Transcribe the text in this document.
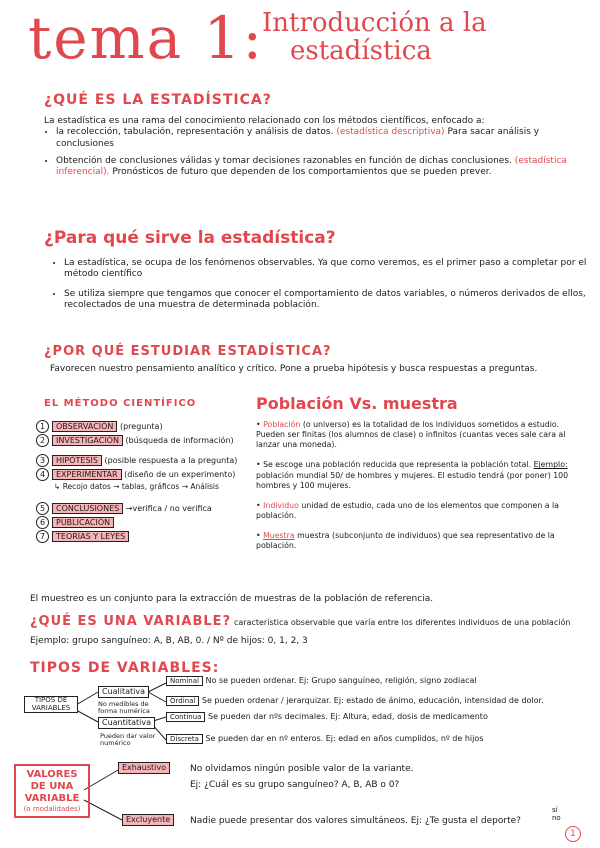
tema 1:
Introducción a la
estadística
¿QUÉ ES LA ESTADÍSTICA?
La estadística es una rama del conocimiento relacionado con los métodos científicos, enfocado a:
• la recolección, tabulación, representación y análisis de datos. (estadística descriptiva) Para sacar análisis y conclusiones
• Obtención de conclusiones válidas y tomar decisiones razonables en función de dichas conclusiones. (estadística inferencial). Pronósticos de futuro que dependen de los comportamientos que se pueden prever.
¿Para qué sirve la estadística?
• La estadística, se ocupa de los fenómenos observables. Ya que como veremos, es el primer paso a completar por el método científico
• Se utiliza siempre que tengamos que conocer el comportamiento de datos variables, o números derivados de ellos, recolectados de una muestra de determinada población.
¿POR QUÉ ESTUDIAR ESTADÍSTICA?
Favorecen nuestro pensamiento analítico y crítico. Pone a prueba hipótesis y busca respuestas a preguntas.
EL MÉTODO CIENTÍFICO
1 OBSERVACIÓN (pregunta)
2 INVESTIGACIÓN (búsqueda de información)
3 HIPÓTESIS (posible respuesta a la pregunta)
4 EXPERIMENTAR (diseño de un experimento)
↳ Recojo datos → tablas, gráficos → Análisis
5 CONCLUSIONES →verifica / no verifica
6 PUBLICACIÓN
7 TEORÍAS Y LEYES
Población Vs. muestra
• Población (o universo) es la totalidad de los individuos sometidos a estudio. Pueden ser finitas (los alumnos de clase) o infinitos (cuantas veces sale cara al lanzar una moneda).
• Se escoge una población reducida que representa la población total. Ejemplo: población mundial 50/ de hombres y mujeres. El estudio tendrá (por poner) 100 hombres y 100 mujeres.
• Individuo unidad de estudio, cada uno de los elementos que componen a la población.
• Muestra muestra (subconjunto de individuos) que sea representativo de la población.
El muestreo es un conjunto para la extracción de muestras de la población de referencia.
¿QUÉ ES UNA VARIABLE? característica observable que varía entre los diferentes individuos de una población
Ejemplo: grupo sanguíneo: A, B, AB, 0. / Nº de hijos: 0, 1, 2, 3
TIPOS DE VARIABLES:
TIPOS DE VARIABLES
Cualitativa
No medibles de forma numérica
Cuantitativa
Pueden dar valor numérico
Nominal No se pueden ordenar. Ej: Grupo sanguíneo, religión, signo zodiacal
Ordinal Se pueden ordenar / jerarquizar. Ej: estado de ánimo, educación, intensidad de dolor.
Continua Se pueden dar nºs decimales. Ej: Altura, edad, dosis de medicamento
Discreta Se pueden dar en nº enteros. Ej: edad en años cumplidos, nº de hijos
VALORES DE UNA VARIABLE
(o modalidades)
Exhaustivo	No olvidamos ningún posible valor de la variante.
Ej: ¿Cuál es su grupo sanguíneo? A, B, AB o 0?
Excluyente	Nadie puede presentar dos valores simultáneos. Ej: ¿Te gusta el deporte?
sí
no
1
